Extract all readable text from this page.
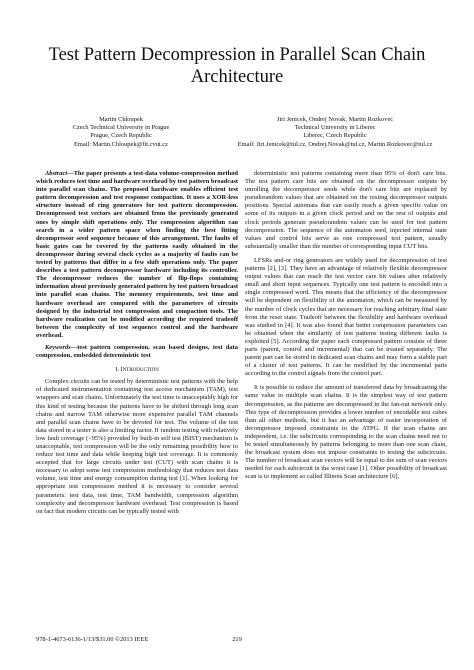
Test Pattern Decompression in Parallel Scan Chain
Architecture
Martin Chloupek
Czech Technical University in Prague
Prague, Czech Republic
Email: Martin.Chloupek@fit.cvut.cz
Jiri Jenicek, Ondrej Novak, Martin Rozkovec
Technical University in Liberec
Liberec, Czech Republic
Email: Jiri.Jenicek@tul.cz, Ondrej.Novak@tul.cz, Martin.Rozkovec@tul.cz

Abstract—The paper presents a test-data volume-compression method which reduces test time and hardware overhead by test pattern broadcast into parallel scan chains. The proposed hardware enables efficient test pattern decompression and test response compaction. It uses a XOR-less structure instead of ring generators for test pattern decompression. Decompressed test vectors are obtained from the previously generated ones by simple shift operations only. The compression algorithm can search in a wider pattern space when finding the best fitting decompressor seed sequence because of this arrangement. The faults of basic gates can be covered by the patterns easily obtained in the decompressor during several clock cycles as a majority of faults can be tested by patterns that differ in a few shift operations only. The paper describes a test pattern decompressor hardware including its controller. The decompressor reduces the number of flip-flops containing information about previously generated pattern by test pattern broadcast into parallel scan chains. The memory requirements, test time and hardware overhead are compared with the parameters of circuits designed by the industrial test compression and compaction tools. The hardware realization can be modified according the required tradeoff between the complexity of test sequence control and the hardware overhead.

Keywords—test pattern compression, scan based designs, test data compression, embedded deterministic test

I. Introduction

Complex circuits can be tested by deterministic test patterns with the help of dedicated instrumentation containing test access mechanism (TAM), test wrappers and scan chains. Unfortunately the test time is unacceptably high for this kind of testing because the patterns have to be shifted through long scan chains and narrow TAM otherwise more expensive parallel TAM channels and parallel scan chains have to be devoted for test. The volume of the test data stored in a tester is also a limiting factor. If random testing with relatively low fault coverage (<95%) provided by built-in self test (BIST) mechanism is unacceptable, test compression will be the only remaining possibility how to reduce test time and data while keeping high test coverage. It is commonly accepted that for large circuits under test (CUT) with scan chains it is necessary to adopt some test compression methodology that reduces test data volume, test time and energy consumption during test [1]. When looking for appropriate test compression method it is necessary to consider several parameters: test data, test time, TAM bandwidth, compression algorithm complexity and decompressor hardware overhead. Test compression is based on fact that modern circuits can be typically tested with

deterministic test patterns containing more than 95% of don't care bits. The test pattern care bits are obtained on the decompressor outputs by unrolling the decompressor seeds while don't care bits are replaced by pseudorandom values that are obtained on the resting decompressor outputs positions. Special automata that can easily reach a given specific value on some of its outputs in a given clock period and on the rest of outputs and clock periods generate pseudorandom values can be used for test pattern decompression. The sequence of the automaton seed, injected internal state values and control bits serve as one compressed test pattern, usually substantially smaller than the number of corresponding input CUT bits.

LFSRs and-or ring generators are widely used for decompression of test patterns [2], [3]. They have an advantage of relatively flexible decompressor output values that can reach the test vector care bit values after relatively small and short input sequences. Typically one test pattern is encoded into a single compressed word. This means that the efficiency of the decompressor will be dependent on flexibility of the automaton, which can be measured by the number of clock cycles that are necessary for reaching arbitrary final state from the reset state. Tradeoff between the flexibility and hardware overhead was studied in [4]. It was also found that better compression parameters can be obtained when the similarity of test patterns testing different faults is exploited [5]. According the paper each compressed pattern consists of three parts (parent, control and incremental) that can be treated separately. The parent part can be stored in dedicated scan chains and may form a stabile part of a cluster of test patterns. It can be modified by the incremental parts according to the control signals from the control part.

It is possible to reduce the amount of transferred data by broadcasting the same value to multiple scan chains. It is the simplest way of test pattern decompression, as the patterns are decompressed in the fan-out network only. This type of decompression provides a lower number of encodable test cubes than all other methods, but it has an advantage of easier incorporation of decompressor imposed constraints to the ATPG. If the scan chains are independent, i.e. the subcircuits corresponding to the scan chains need not to be tested simultaneously by patterns belonging to more than one scan chain, the broadcast system does not impose constraints to testing the subcircuits. The number of broadcast scan vectors will be equal to the sum of scan vectors needed for each subcircuit in the worst case [1]. Other possibility of broadcast scan is to implement so called Illinois Scan architecture [6],

978-1-4673-6136-1/13/$31.00 ©2013 IEEE	219
